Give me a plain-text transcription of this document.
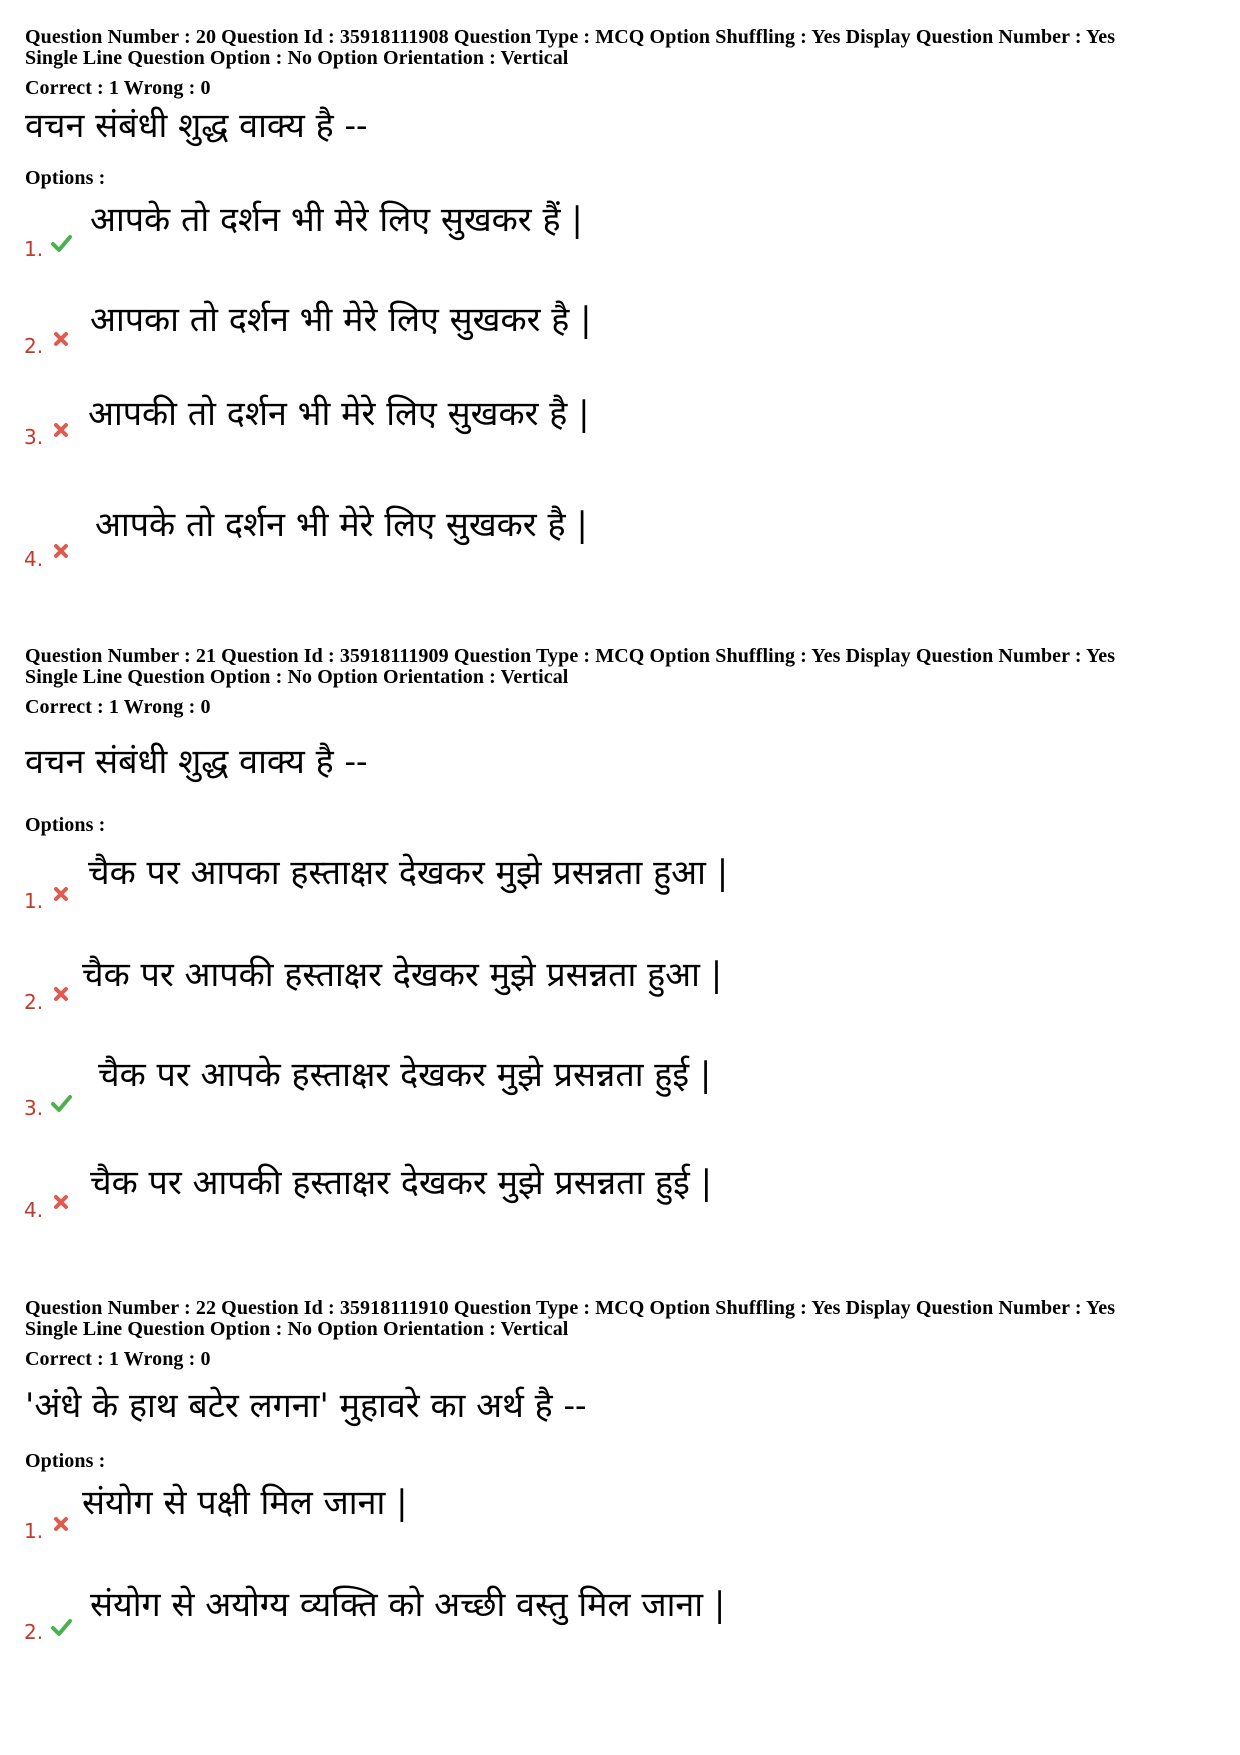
Question Number : 20 Question Id : 35918111908 Question Type : MCQ Option Shuffling : Yes Display Question Number : Yes
Single Line Question Option : No Option Orientation : Vertical
Correct : 1 Wrong : 0
वचन संबंधी शुद्ध वाक्य है --
Options :
1.
आपके तो दर्शन भी मेरे लिए सुखकर हैं |
2.
आपका तो दर्शन भी मेरे लिए सुखकर है |
3.
आपकी तो दर्शन भी मेरे लिए सुखकर है |
4.
आपके तो दर्शन भी मेरे लिए सुखकर है |
Question Number : 21 Question Id : 35918111909 Question Type : MCQ Option Shuffling : Yes Display Question Number : Yes
Single Line Question Option : No Option Orientation : Vertical
Correct : 1 Wrong : 0
वचन संबंधी शुद्ध वाक्य है --
Options :
1.
चैक पर आपका हस्ताक्षर देखकर मुझे प्रसन्नता हुआ |
2.
चैक पर आपकी हस्ताक्षर देखकर मुझे प्रसन्नता हुआ |
3.
चैक पर आपके हस्ताक्षर देखकर मुझे प्रसन्नता हुई |
4.
चैक पर आपकी हस्ताक्षर देखकर मुझे प्रसन्नता हुई |
Question Number : 22 Question Id : 35918111910 Question Type : MCQ Option Shuffling : Yes Display Question Number : Yes
Single Line Question Option : No Option Orientation : Vertical
Correct : 1 Wrong : 0
'अंधे के हाथ बटेर लगना' मुहावरे का अर्थ है --
Options :
1.
संयोग से पक्षी मिल जाना |
2.
संयोग से अयोग्य व्यक्ति को अच्छी वस्तु मिल जाना |
